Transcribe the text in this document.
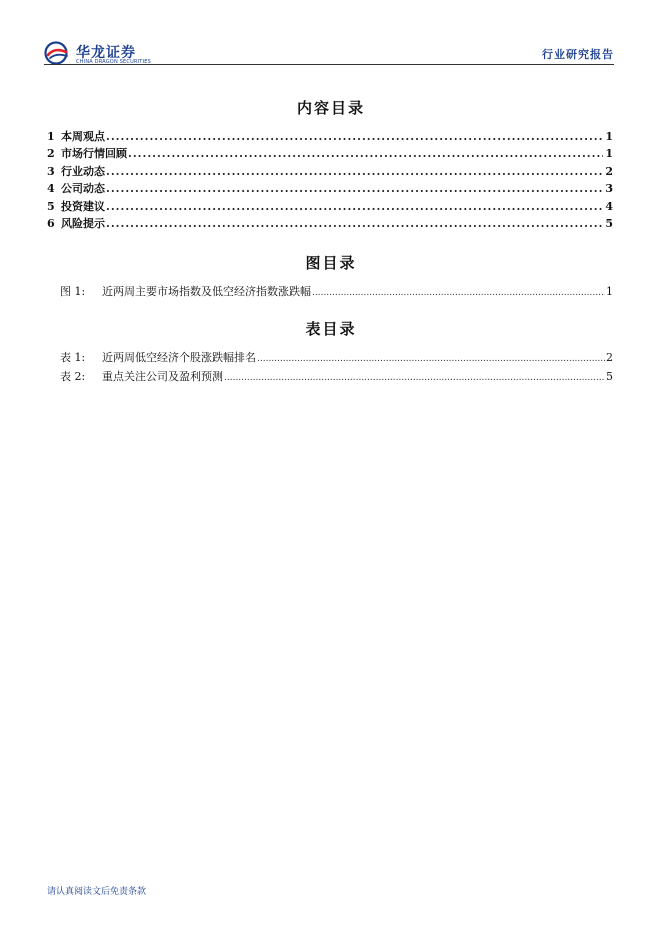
华龙证券
CHINA DRAGON SECURITIES
行业研究报告
内容目录
1 本周观点 .....	1
2 市场行情回顾 .....	1
3 行业动态 .....	2
4 公司动态 .....	3
5 投资建议 .....	4
6 风险提示 .....	5
图目录
图 1:	近两周主要市场指数及低空经济指数涨跌幅 .....	1
表目录
表 1:	近两周低空经济个股涨跌幅排名 .....	2
表 2:	重点关注公司及盈利预测 .....	5
请认真阅读文后免责条款
